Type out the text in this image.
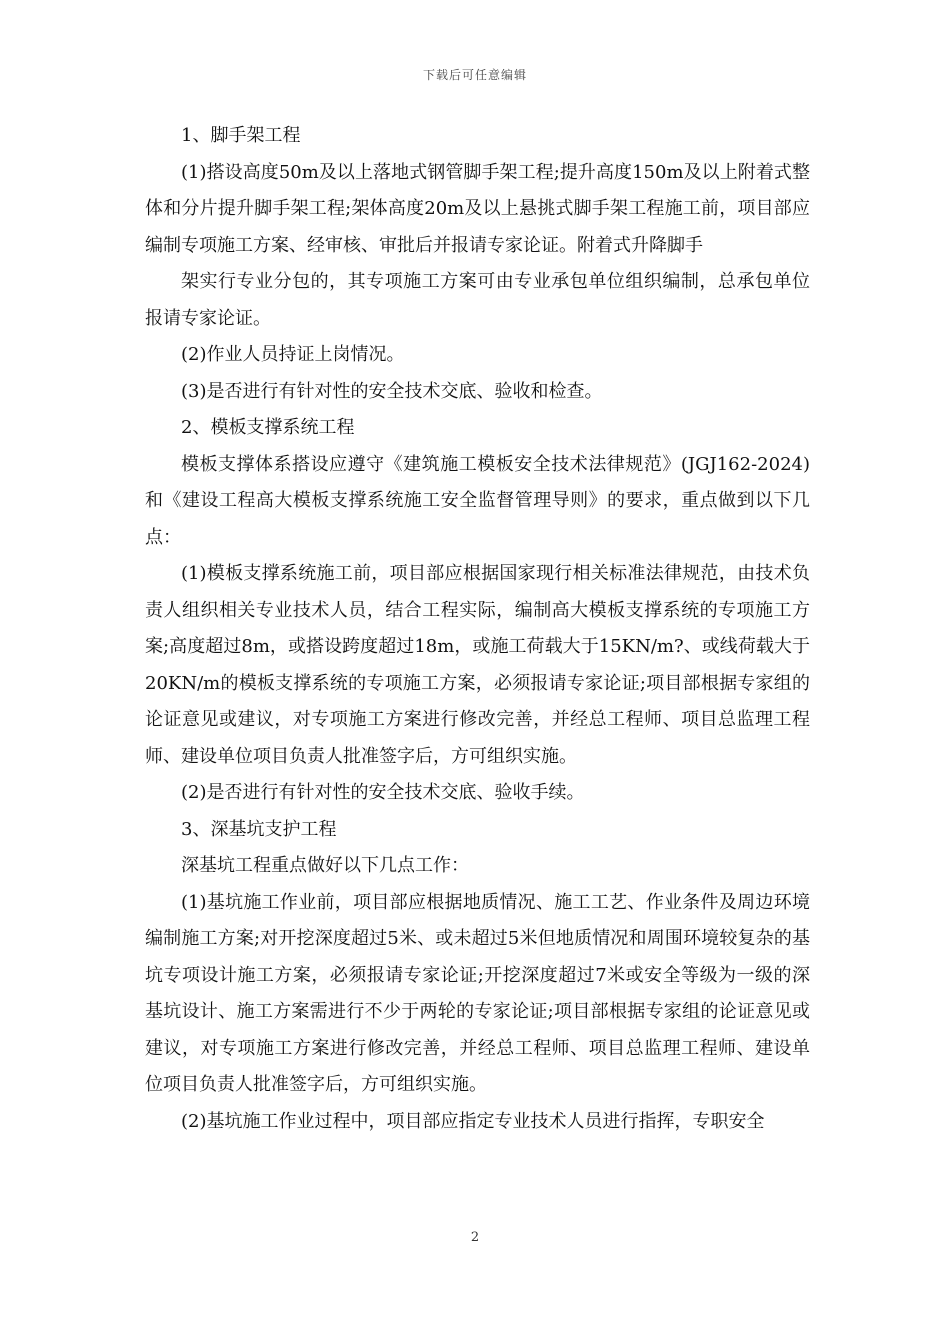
下载后可任意编辑

1、脚手架工程

(1)搭设高度50m及以上落地式钢管脚手架工程;提升高度150m及以上附着式整体和分片提升脚手架工程;架体高度20m及以上悬挑式脚手架工程施工前，项目部应编制专项施工方案、经审核、审批后并报请专家论证。附着式升降脚手

架实行专业分包的，其专项施工方案可由专业承包单位组织编制，总承包单位报请专家论证。

(2)作业人员持证上岗情况。

(3)是否进行有针对性的安全技术交底、验收和检查。

2、模板支撑系统工程

模板支撑体系搭设应遵守《建筑施工模板安全技术法律规范》(JGJ162-2024)和《建设工程高大模板支撑系统施工安全监督管理导则》的要求，重点做到以下几点：

(1)模板支撑系统施工前，项目部应根据国家现行相关标准法律规范，由技术负责人组织相关专业技术人员，结合工程实际，编制高大模板支撑系统的专项施工方案;高度超过8m，或搭设跨度超过18m，或施工荷载大于15KN/m?、或线荷载大于20KN/m的模板支撑系统的专项施工方案，必须报请专家论证;项目部根据专家组的论证意见或建议，对专项施工方案进行修改完善，并经总工程师、项目总监理工程师、建设单位项目负责人批准签字后，方可组织实施。

(2)是否进行有针对性的安全技术交底、验收手续。

3、深基坑支护工程

深基坑工程重点做好以下几点工作：

(1)基坑施工作业前，项目部应根据地质情况、施工工艺、作业条件及周边环境编制施工方案;对开挖深度超过5米、或未超过5米但地质情况和周围环境较复杂的基坑专项设计施工方案，必须报请专家论证;开挖深度超过7米或安全等级为一级的深基坑设计、施工方案需进行不少于两轮的专家论证;项目部根据专家组的论证意见或建议，对专项施工方案进行修改完善，并经总工程师、项目总监理工程师、建设单位项目负责人批准签字后，方可组织实施。

(2)基坑施工作业过程中，项目部应指定专业技术人员进行指挥，专职安全

2
